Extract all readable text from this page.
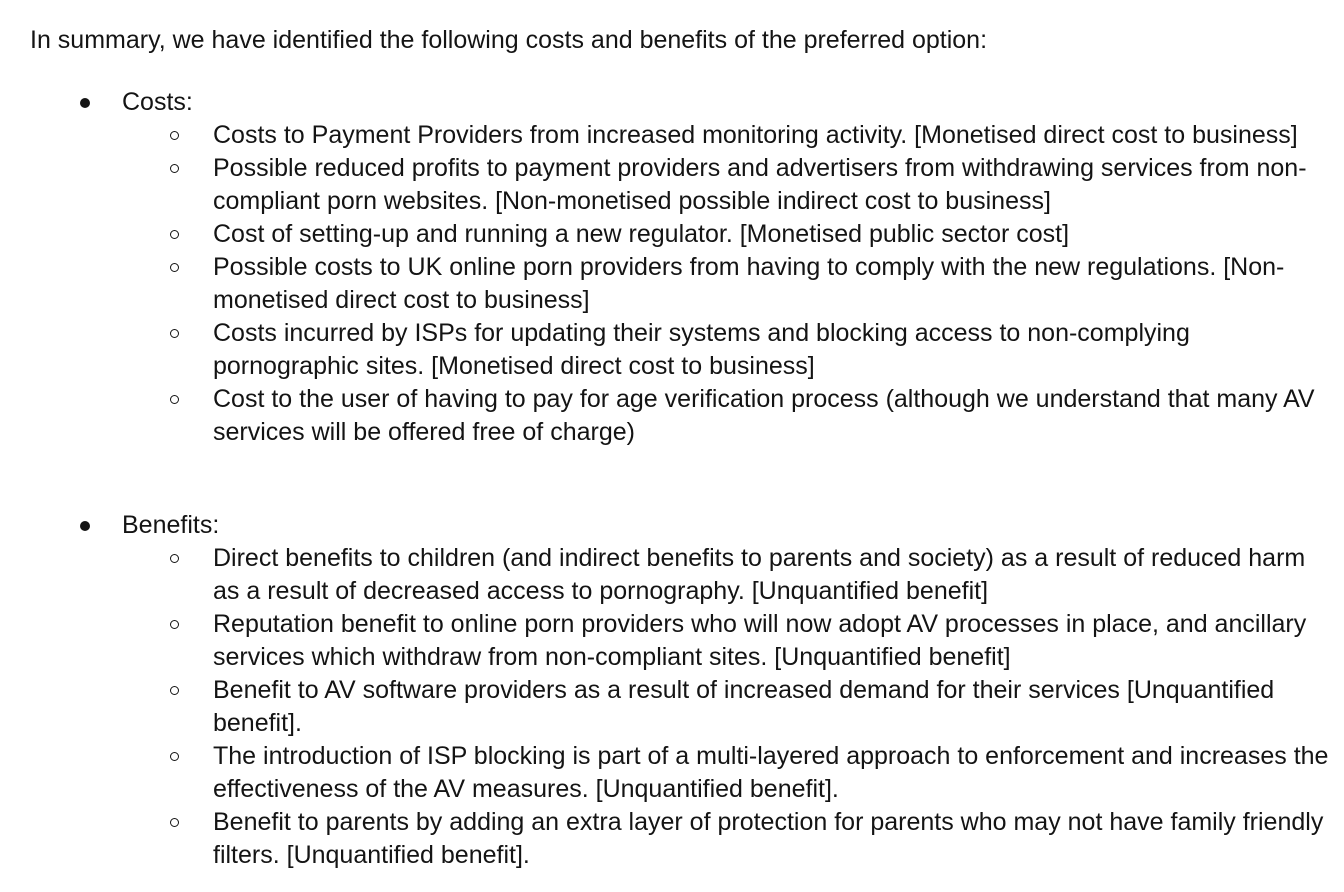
In summary, we have identified the following costs and benefits of the preferred option:

Costs:
Costs to Payment Providers from increased monitoring activity. [Monetised direct cost to business]
Possible reduced profits to payment providers and advertisers from withdrawing services from non-compliant porn websites. [Non-monetised possible indirect cost to business]
Cost of setting-up and running a new regulator. [Monetised public sector cost]
Possible costs to UK online porn providers from having to comply with the new regulations. [Non-monetised direct cost to business]
Costs incurred by ISPs for updating their systems and blocking access to non-complying pornographic sites. [Monetised direct cost to business]
Cost to the user of having to pay for age verification process (although we understand that many AV services will be offered free of charge)
Benefits:
Direct benefits to children (and indirect benefits to parents and society) as a result of reduced harm as a result of decreased access to pornography. [Unquantified benefit]
Reputation benefit to online porn providers who will now adopt AV processes in place, and ancillary services which withdraw from non-compliant sites. [Unquantified benefit]
Benefit to AV software providers as a result of increased demand for their services [Unquantified benefit].
The introduction of ISP blocking is part of a multi-layered approach to enforcement and increases the effectiveness of the AV measures. [Unquantified benefit].
Benefit to parents by adding an extra layer of protection for parents who may not have family friendly filters. [Unquantified benefit].
